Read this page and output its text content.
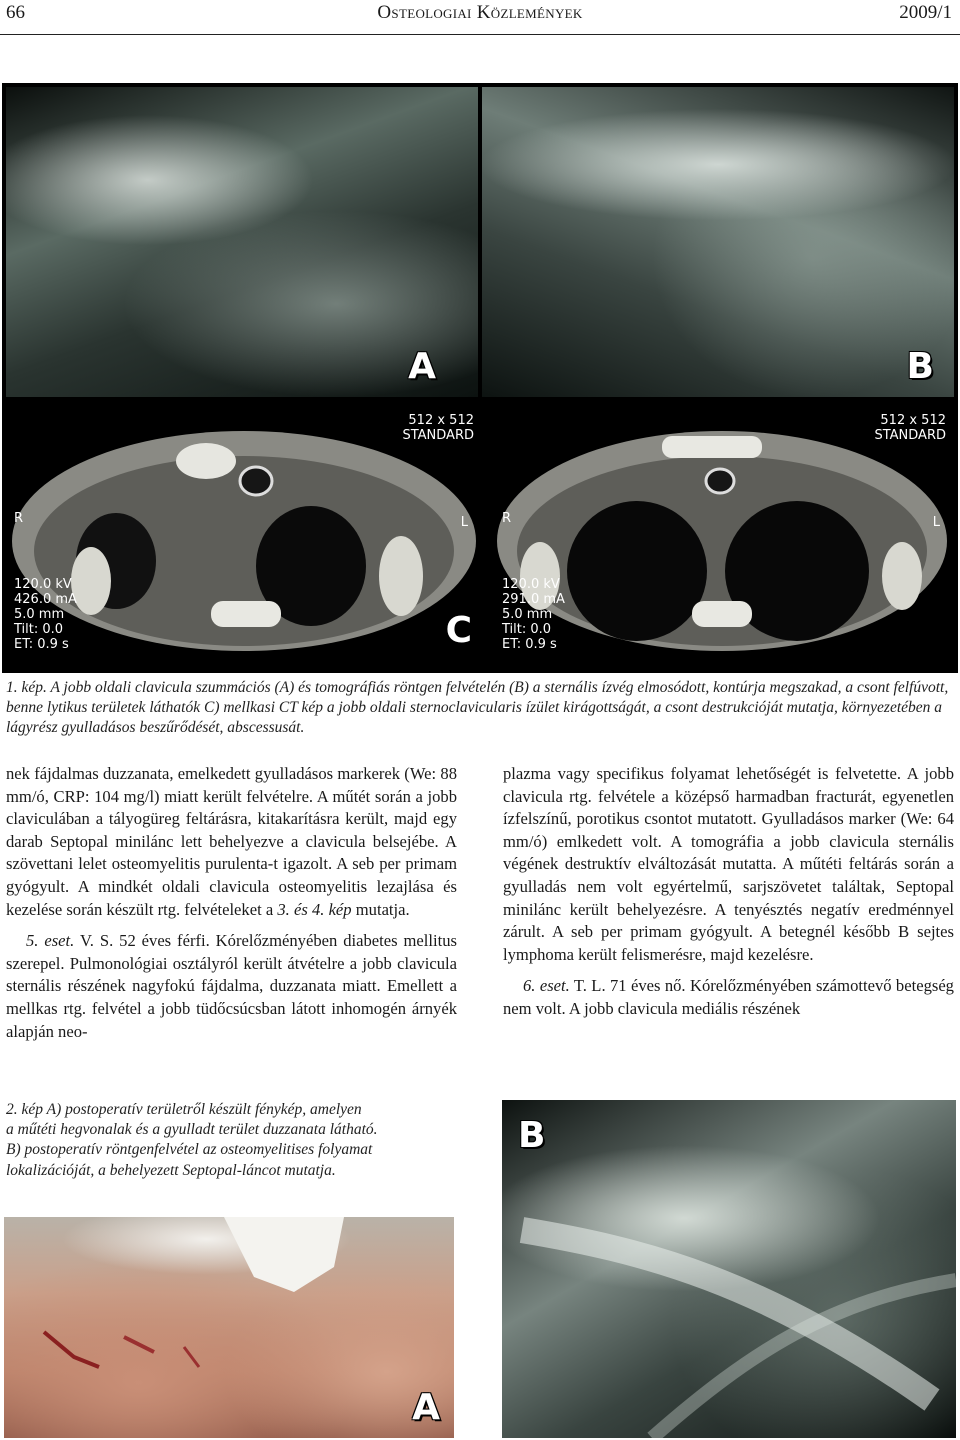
66	Osteologiai Közlemények	2009/1
A	B
512 x 512
STANDARD
R	L
120.0 kV
426.0 mA
5.0 mm
Tilt: 0.0
ET: 0.9 s	C
512 x 512
STANDARD
R	L
120.0 kV
291.0 mA
5.0 mm
Tilt: 0.0
ET: 0.9 s
1. kép. A jobb oldali clavicula szummációs (A) és tomográfiás röntgen felvételén (B) a sternális ízvég elmosódott, kontúrja megszakad, a csont felfúvott, benne lytikus területek láthatók C) mellkasi CT kép a jobb oldali sternoclavicularis ízület kirágottságát, a csont destrukcióját mutatja, környezetében a lágyrész gyulladásos beszűrődését, abscessusát.

nek fájdalmas duzzanata, emelkedett gyulladásos markerek (We: 88 mm/ó, CRP: 104 mg/l) miatt került felvételre. A műtét során a jobb claviculában a tályogüreg feltárásra, kitakarításra került, majd egy darab Septopal minilánc lett behelyezve a clavicula belsejébe. A szövettani lelet osteomyelitis purulenta-t igazolt. A seb per primam gyógyult. A mindkét oldali clavicula osteomyelitis lezajlása és kezelése során készült rtg. felvételeket a 3. és 4. kép mutatja.

5. eset. V. S. 52 éves férfi. Kórelőzményében diabetes mellitus szerepel. Pulmonológiai osztályról került átvételre a jobb clavicula sternális részének nagyfokú fájdalma, duzzanata miatt. Emellett a mellkas rtg. felvétel a jobb tüdőcsúcsban látott inhomogén árnyék alapján neo-

plazma vagy specifikus folyamat lehetőségét is felvetette. A jobb clavicula rtg. felvétele a középső harmadban fracturát, egyenetlen ízfelszínű, porotikus csontot mutatott. Gyulladásos marker (We: 64 mm/ó) emlkedett volt. A tomográfia a jobb clavicula sternális végének destruktív elváltozását mutatta. A műtéti feltárás során a gyulladás nem volt egyértelmű, sarjszövetet találtak, Septopal minilánc került behelyezésre. A tenyésztés negatív eredménnyel zárult. A seb per primam gyógyult. A betegnél később B sejtes lymphoma került felismerésre, majd kezelésre.

6. eset. T. L. 71 éves nő. Kórelőzményében számottevő betegség nem volt. A jobb clavicula mediális részének

2. kép A) postoperatív területről készült fénykép, amelyen
a műtéti hegvonalak és a gyulladt terület duzzanata látható.
B) postoperatív röntgenfelvétel az osteomyelitises folyamat
lokalizációját, a behelyezett Septopal-láncot mutatja.
A
B
